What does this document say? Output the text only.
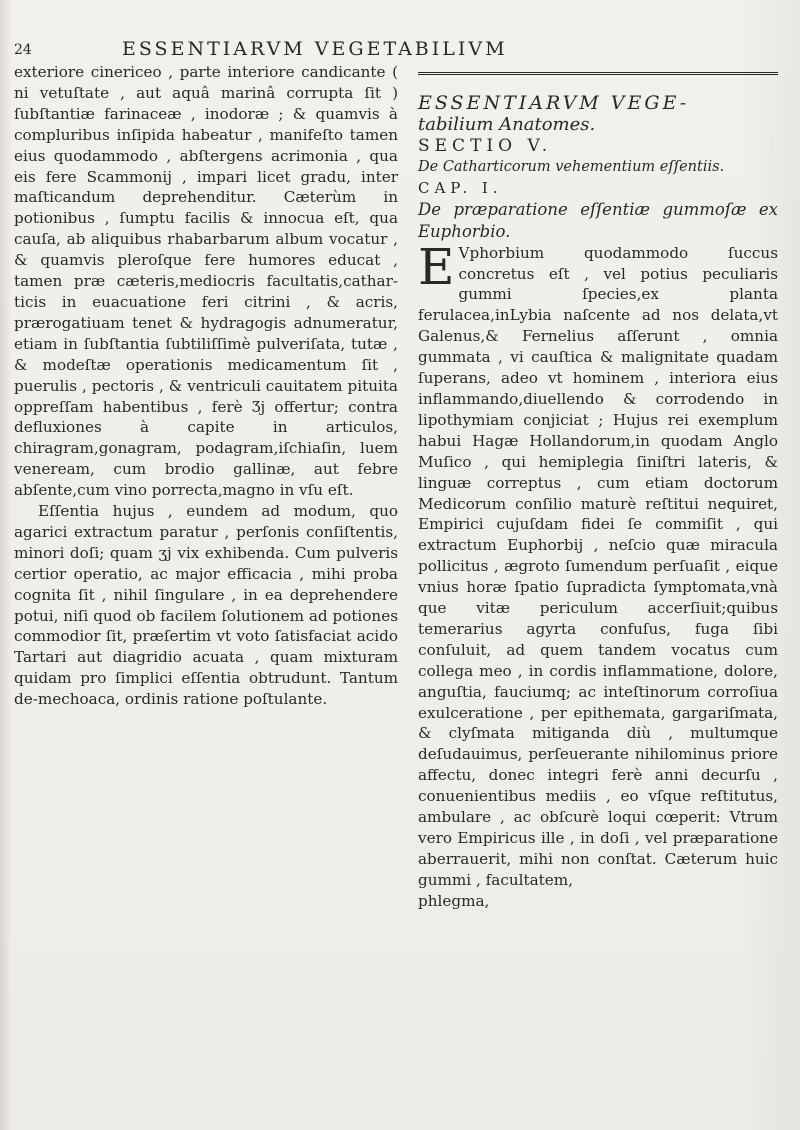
24	ESSENTIARVM VEGETABILIVM

exteriore cinericeo , parte interiore candicante ( ni vetuſtate , aut aquâ marinâ corrupta ſit ) ſubſtantiæ farinaceæ , inodoræ ; & quamvis à compluribus inſipida habeatur , manifeſto tamen eius quodammodo , abſtergens acrimonia , qua eis fere Scammonij , impari licet gradu, inter maſticandum deprehenditur. Cæterùm in potionibus , ſumptu facilis & innocua eſt, qua cauſa, ab aliquibus rhabarbarum album vocatur , & quamvis pleroſque fere humores educat , tamen præ cæteris,mediocris facultatis,cathar-ticis in euacuatione feri citrini , & acris, prærogatiuam tenet & hydragogis adnumeratur, etiam in ſubſtantia ſubtiliſſimè pulveriſata, tutæ , & modeſtæ operationis medicamentum ſit , puerulis , pectoris , & ventriculi cauitatem pituita oppreſſam habentibus , ferè Ʒj offertur; contra defluxiones à capite in articulos, chiragram,gonagram, podagram,iſchiaſin, luem veneream, cum brodio gallinæ, aut febre abſente,cum vino porrecta,magno in vſu eſt.

Eſſentia hujus , eundem ad modum, quo agarici extractum paratur , perſonis conſiſtentis, minori doſi; quam ʒj vix exhibenda. Cum pulveris certior operatio, ac major efficacia , mihi proba cognita ſit , nihil ſingulare , in ea deprehendere potui, niſi quod ob facilem ſolutionem ad potiones commodior ſit, præſertim vt voto ſatisfaciat acido Tartari aut diagridio acuata , quam mixturam quidam pro ſimplici eſſentia obtrudunt. Tantum de-mechoaca, ordinis ratione poſtulante.

ESSENTIARVM VEGE-

tabilium Anatomes.

SECTIO V.

De Catharticorum vehementium eſſentiis.

CAP. I.

De præparatione eſſentiæ gummoſæ ex Euphorbio.

E Vphorbium quodammodo ſuccus concretus eſt , vel potius peculiaris gummi ſpecies,ex planta ferulacea,inLybia naſcente ad nos delata,vt Galenus,& Fernelius aſſerunt , omnia gummata , vi cauſtica & malignitate quadam ſuperans, adeo vt hominem , interiora eius inflammando,diuellendo & corrodendo in lipothymiam conjiciat ; Hujus rei exemplum habui Hagæ Hollandorum,in quodam Anglo Muſico , qui hemiplegia ſiniſtri lateris, & linguæ correptus , cum etiam doctorum Medicorum conſilio maturè reſtitui nequiret, Empirici cujuſdam fidei ſe commiſit , qui extractum Euphorbij , neſcio quæ miracula pollicitus , ægroto ſumendum perſuaſit , eique vnius horæ ſpatio ſupradicta ſymptomata,vnà que vitæ periculum accerſiuit;quibus temerarius agyrta confuſus, fuga ſibi conſuluit, ad quem tandem vocatus cum collega meo , in cordis inflammatione, dolore, anguſtia, fauciumq; ac inteſtinorum corroſiua exulceratione , per epithemata, gargariſmata, & clyſmata mitiganda diù , multumque deſudauimus, perſeuerante nihilominus priore affectu, donec integri ferè anni decurſu , conuenientibus mediis , eo vſque reſtitutus, ambulare , ac obſcurè loqui cœperit: Vtrum vero Empiricus ille , in doſi , vel præparatione aberrauerit, mihi non conſtat. Cæterum huic gummi , facultatem,

phlegma,
